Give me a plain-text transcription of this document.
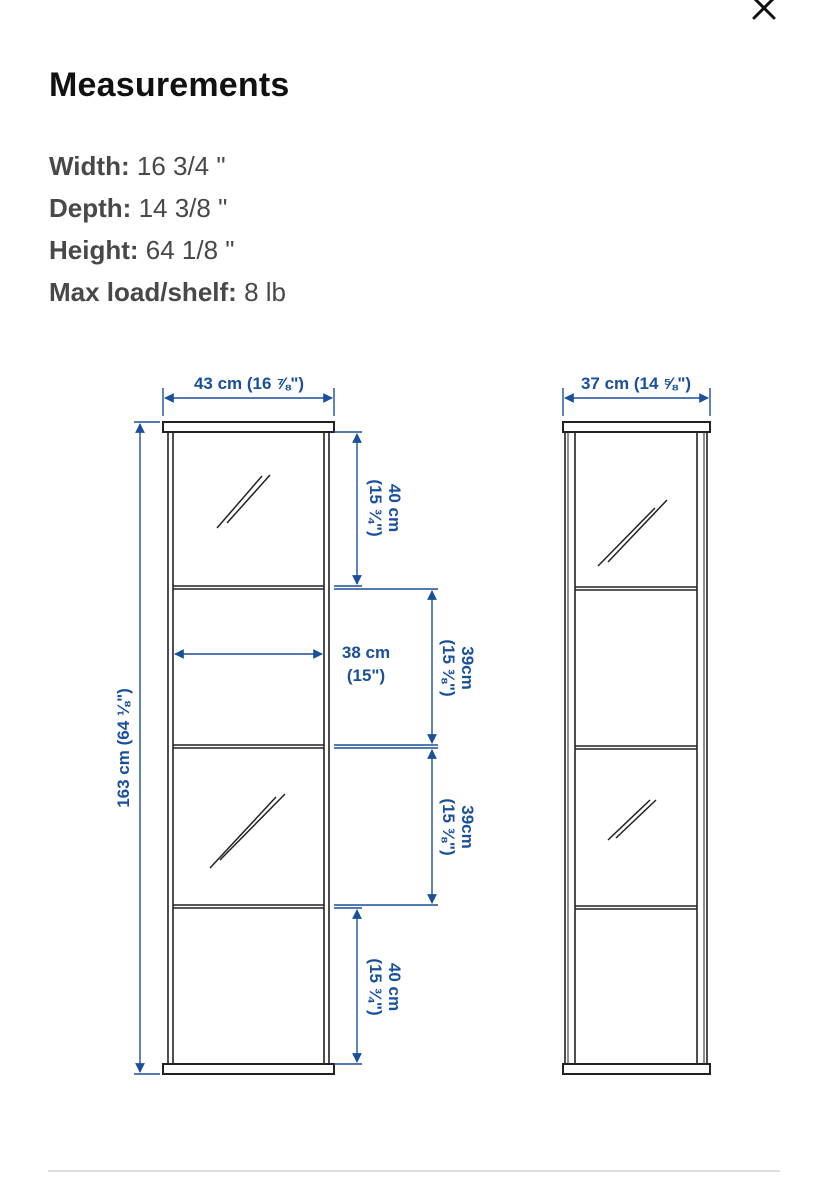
Measurements
Width: 16 3/4 "
Depth: 14 3/8 "
Height: 64 1/8 "
Max load/shelf: 8 lb
43 cm (16 ⅞")	37 cm (14 ⅝")
163 cm (64 ⅛")
38 cm
(15")
40 cm
(15 ¾")
39cm
(15 ⅜")
39cm
(15 ⅜")
40 cm
(15 ¾")
